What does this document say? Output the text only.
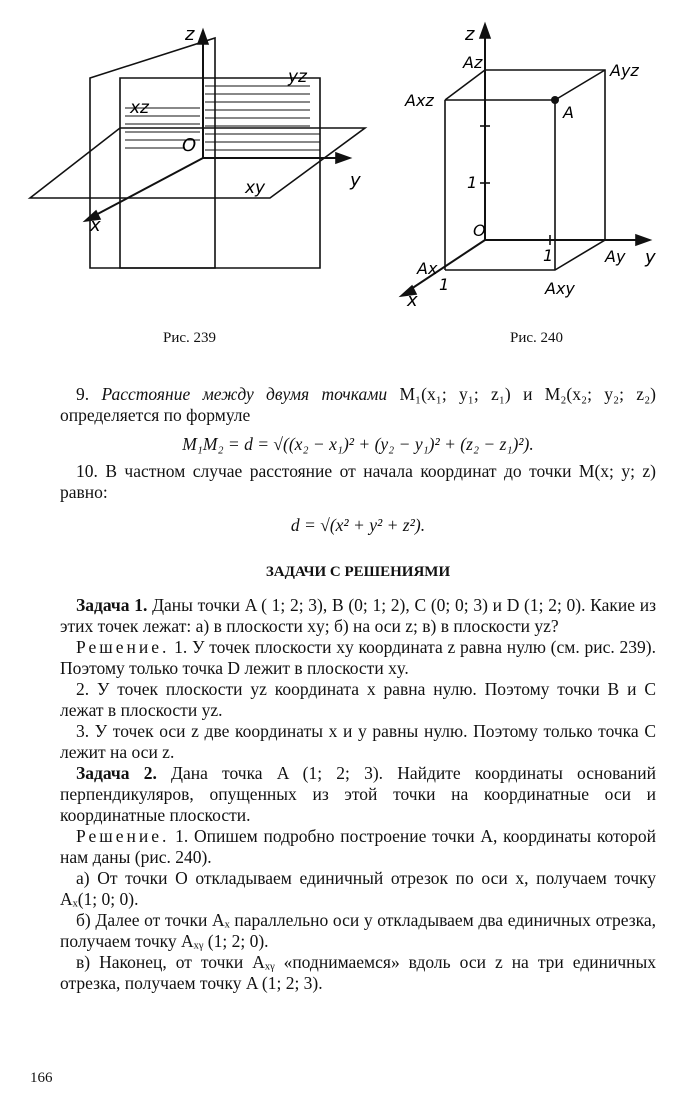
z
y
x
O
xz
yz
xy
Рис. 239
z
Az	Ayz
Axz
A
1
O
1	Ay y
Ax
1
x
Axy
Рис. 240

9. Расстояние между двумя точками M₁(x₁; y₁; z₁) и M₂(x₂; y₂; z₂) определяется по формуле

M₁M₂ = d = √((x₂ − x₁)² + (y₂ − y₁)² + (z₂ − z₁)²).

10. В частном случае расстояние от начала координат до точки M(x; y; z) равно:

d = √(x² + y² + z²).
ЗАДАЧИ С РЕШЕНИЯМИ

Задача 1. Даны точки A ( 1; 2; 3), B (0; 1; 2), C (0; 0; 3) и D (1; 2; 0). Какие из этих точек лежат: а) в плоскости xy; б) на оси z; в) в плоскости yz?

Решение. 1. У точек плоскости xy координата z равна нулю (см. рис. 239). Поэтому только точка D лежит в плоскости xy.

2. У точек плоскости yz координата x равна нулю. Поэтому точки B и C лежат в плоскости yz.

3. У точек оси z две координаты x и y равны нулю. Поэтому только точка C лежит на оси z.

Задача 2. Дана точка A (1; 2; 3). Найдите координаты оснований перпендикуляров, опущенных из этой точки на координатные оси и координатные плоскости.

Решение. 1. Опишем подробно построение точки A, координаты которой нам даны (рис. 240).

а) От точки O откладываем единичный отрезок по оси x, получаем точку Aₓ(1; 0; 0).

б) Далее от точки Aₓ параллельно оси y откладываем два единичных отрезка, получаем точку Aₓᵧ (1; 2; 0).

в) Наконец, от точки Aₓᵧ «поднимаемся» вдоль оси z на три единичных отрезка, получаем точку A (1; 2; 3).

166
